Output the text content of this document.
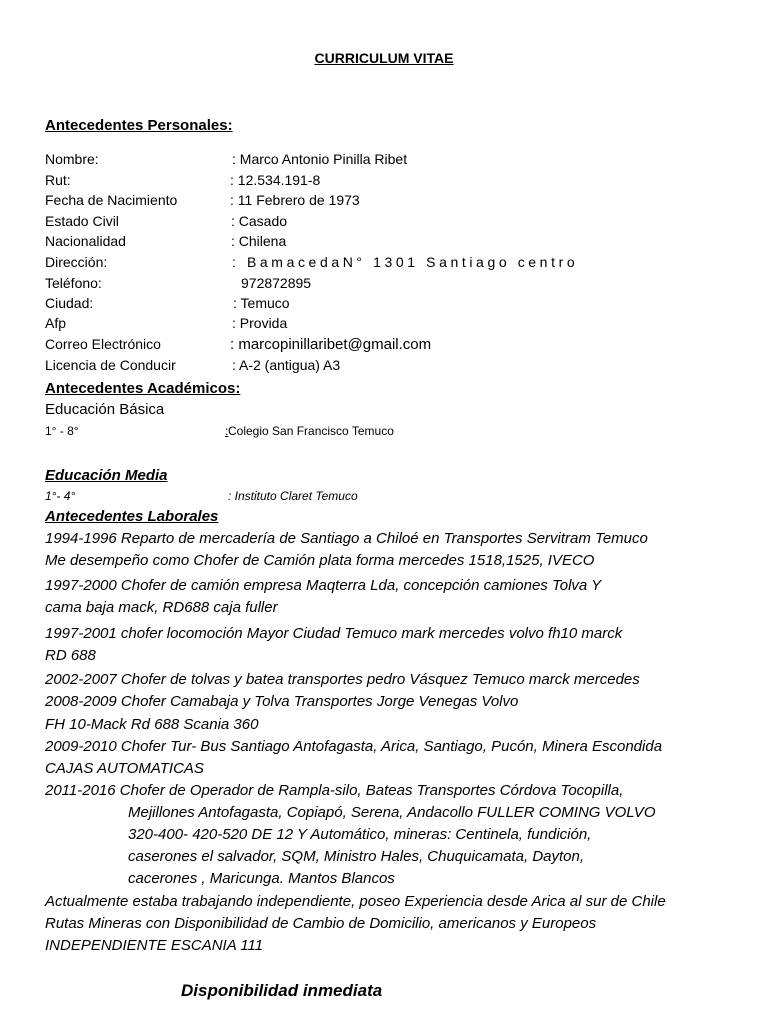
CURRICULUM VITAE
Antecedentes Personales:
Nombre:	: Marco Antonio Pinilla Ribet
Rut:	: 12.534.191-8
Fecha de Nacimiento	: 11 Febrero de 1973
Estado Civil	: Casado
Nacionalidad	: Chilena
Dirección:	: BamacedaN° 1301 Santiago centro
Teléfono:	972872895
Ciudad:	: Temuco
Afp	: Provida
Correo Electrónico	: marcopinillaribet@gmail.com
Licencia de Conducir	: A-2 (antigua) A3
Antecedentes Académicos:
Educación Básica
1° - 8°	: Colegio San Francisco Temuco
Educación Media
1°- 4°	: Instituto Claret Temuco
Antecedentes Laborales
1994-1996 Reparto de mercadería de Santiago a Chiloé en Transportes Servitram Temuco
Me desempeño como Chofer de Camión plata forma mercedes 1518,1525, IVECO
1997-2000 Chofer de camión empresa Maqterra Lda, concepción camiones Tolva Y
cama baja mack, RD688 caja fuller
1997-2001 chofer locomoción Mayor Ciudad Temuco mark mercedes volvo fh10 marck
RD 688
2002-2007 Chofer de tolvas y batea transportes pedro Vásquez Temuco marck mercedes
2008-2009 Chofer Camabaja y Tolva Transportes Jorge Venegas Volvo
FH 10-Mack Rd 688 Scania 360
2009-2010 Chofer Tur- Bus Santiago Antofagasta, Arica, Santiago, Pucón, Minera Escondida
CAJAS AUTOMATICAS
2011-2016 Chofer de Operador de Rampla-silo, Bateas Transportes Córdova Tocopilla,
Mejillones Antofagasta, Copiapó, Serena, Andacollo FULLER COMING VOLVO
320-400- 420-520 DE 12 Y Automático, mineras: Centinela, fundición,
caserones el salvador, SQM, Ministro Hales, Chuquicamata, Dayton,
cacerones , Maricunga. Mantos Blancos
Actualmente estaba trabajando independiente, poseo Experiencia desde Arica al sur de Chile
Rutas Mineras con Disponibilidad de Cambio de Domicilio, americanos y Europeos
INDEPENDIENTE ESCANIA 111
Disponibilidad inmediata
